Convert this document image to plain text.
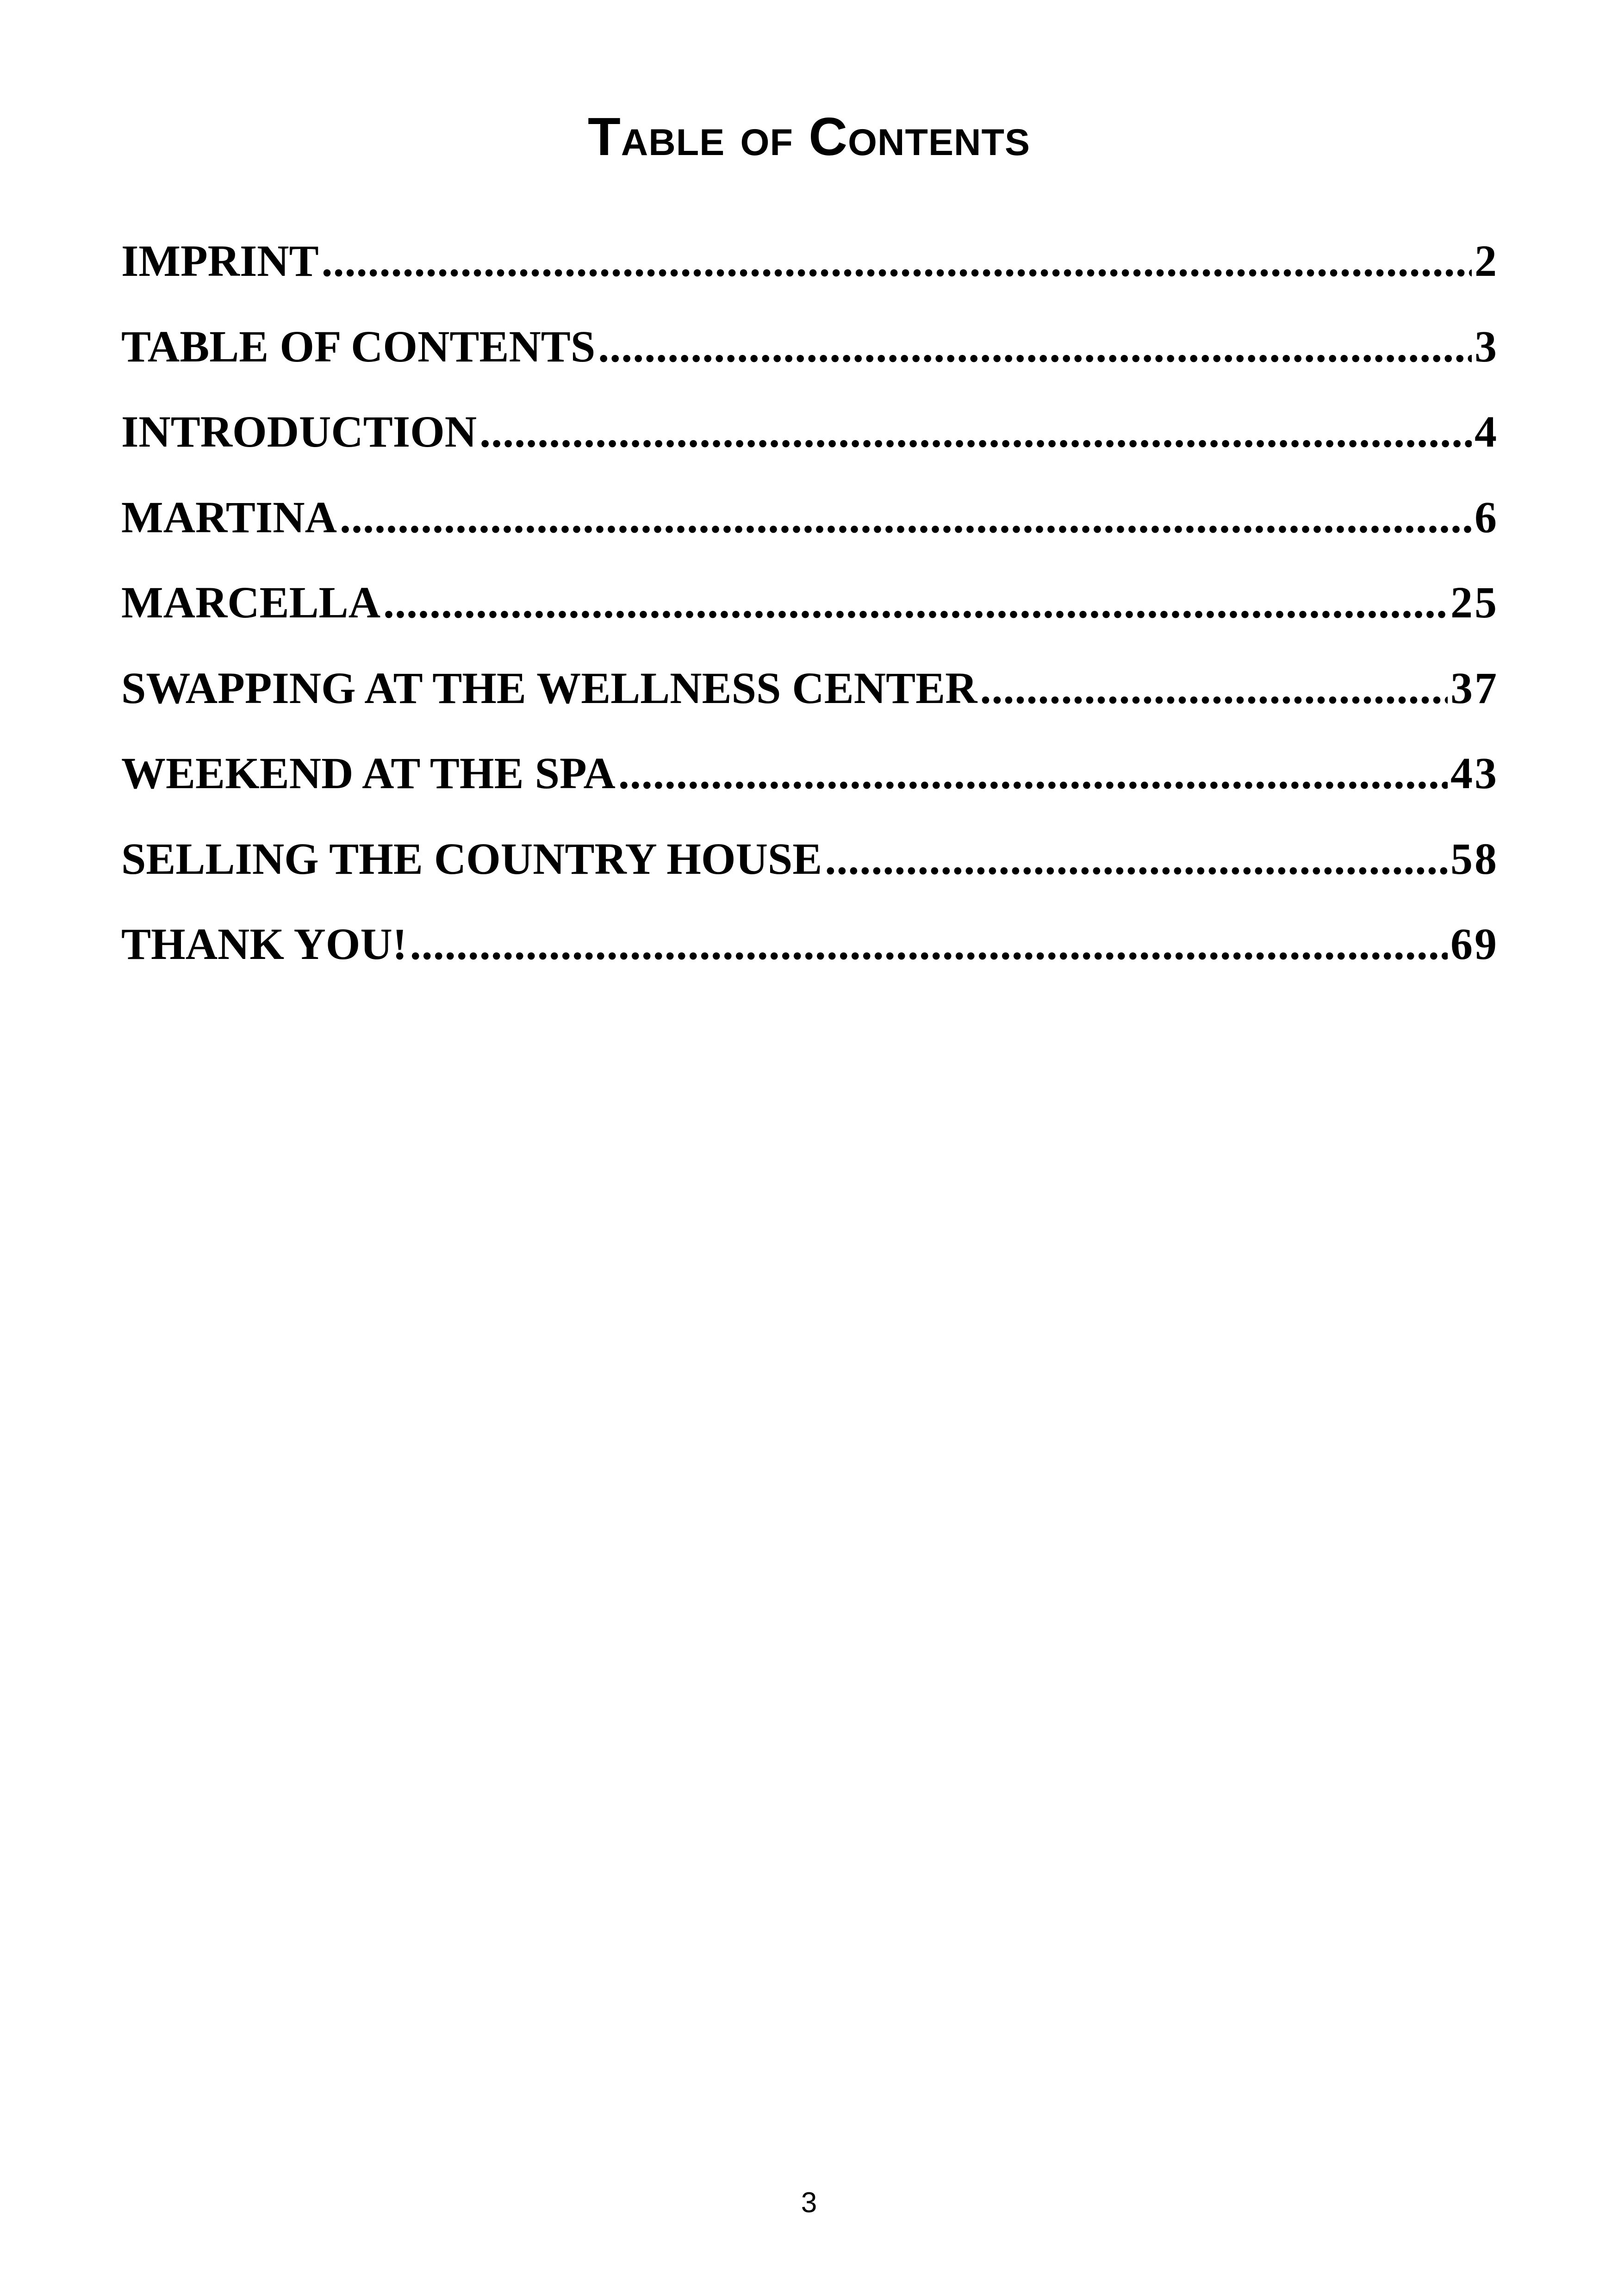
Table of Contents
IMPRINT .....	2
TABLE OF CONTENTS .....	3
INTRODUCTION .....	4
MARTINA .....	6
MARCELLA .....	25
SWAPPING AT THE WELLNESS CENTER .....	37
WEEKEND AT THE SPA .....	43
SELLING THE COUNTRY HOUSE .....	58
THANK YOU! .....	69
3
